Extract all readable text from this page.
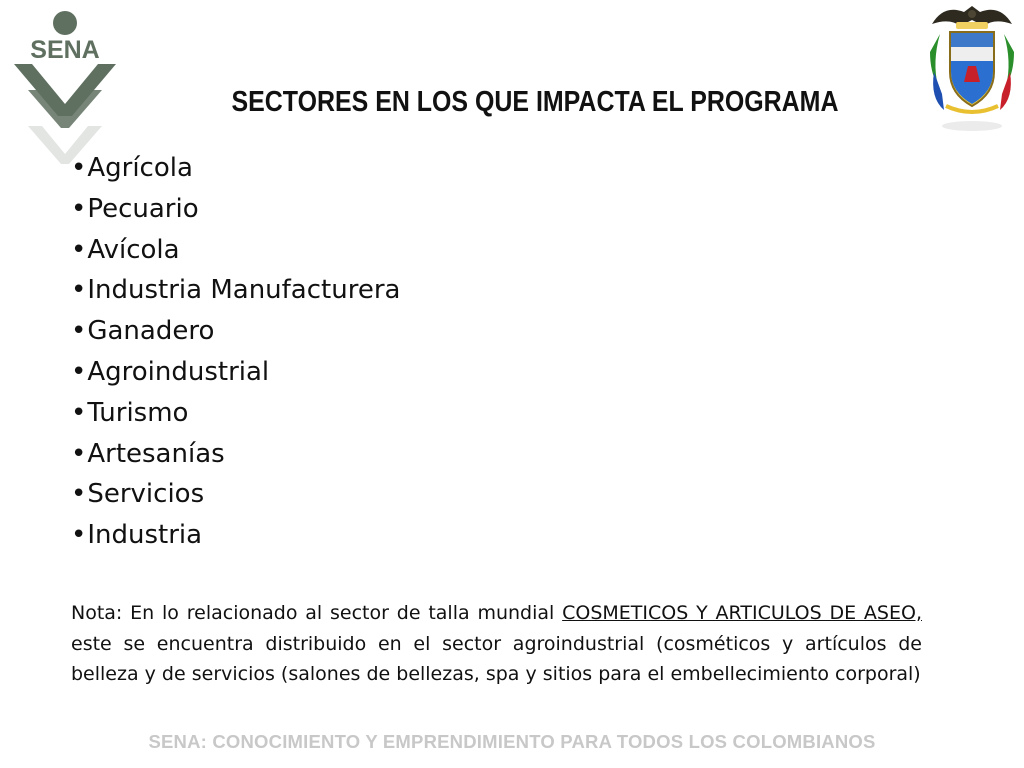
SENA
SECTORES EN LOS QUE IMPACTA EL PROGRAMA
• Agrícola
• Pecuario
• Avícola
• Industria Manufacturera
• Ganadero
• Agroindustrial
• Turismo
• Artesanías
• Servicios
• Industria

Nota: En lo relacionado al sector de talla mundial COSMETICOS Y ARTICULOS DE ASEO, este se encuentra distribuido en el sector agroindustrial (cosméticos y artículos de belleza y de servicios (salones de bellezas, spa y sitios para el embellecimiento corporal)

SENA: CONOCIMIENTO Y EMPRENDIMIENTO PARA TODOS LOS COLOMBIANOS
